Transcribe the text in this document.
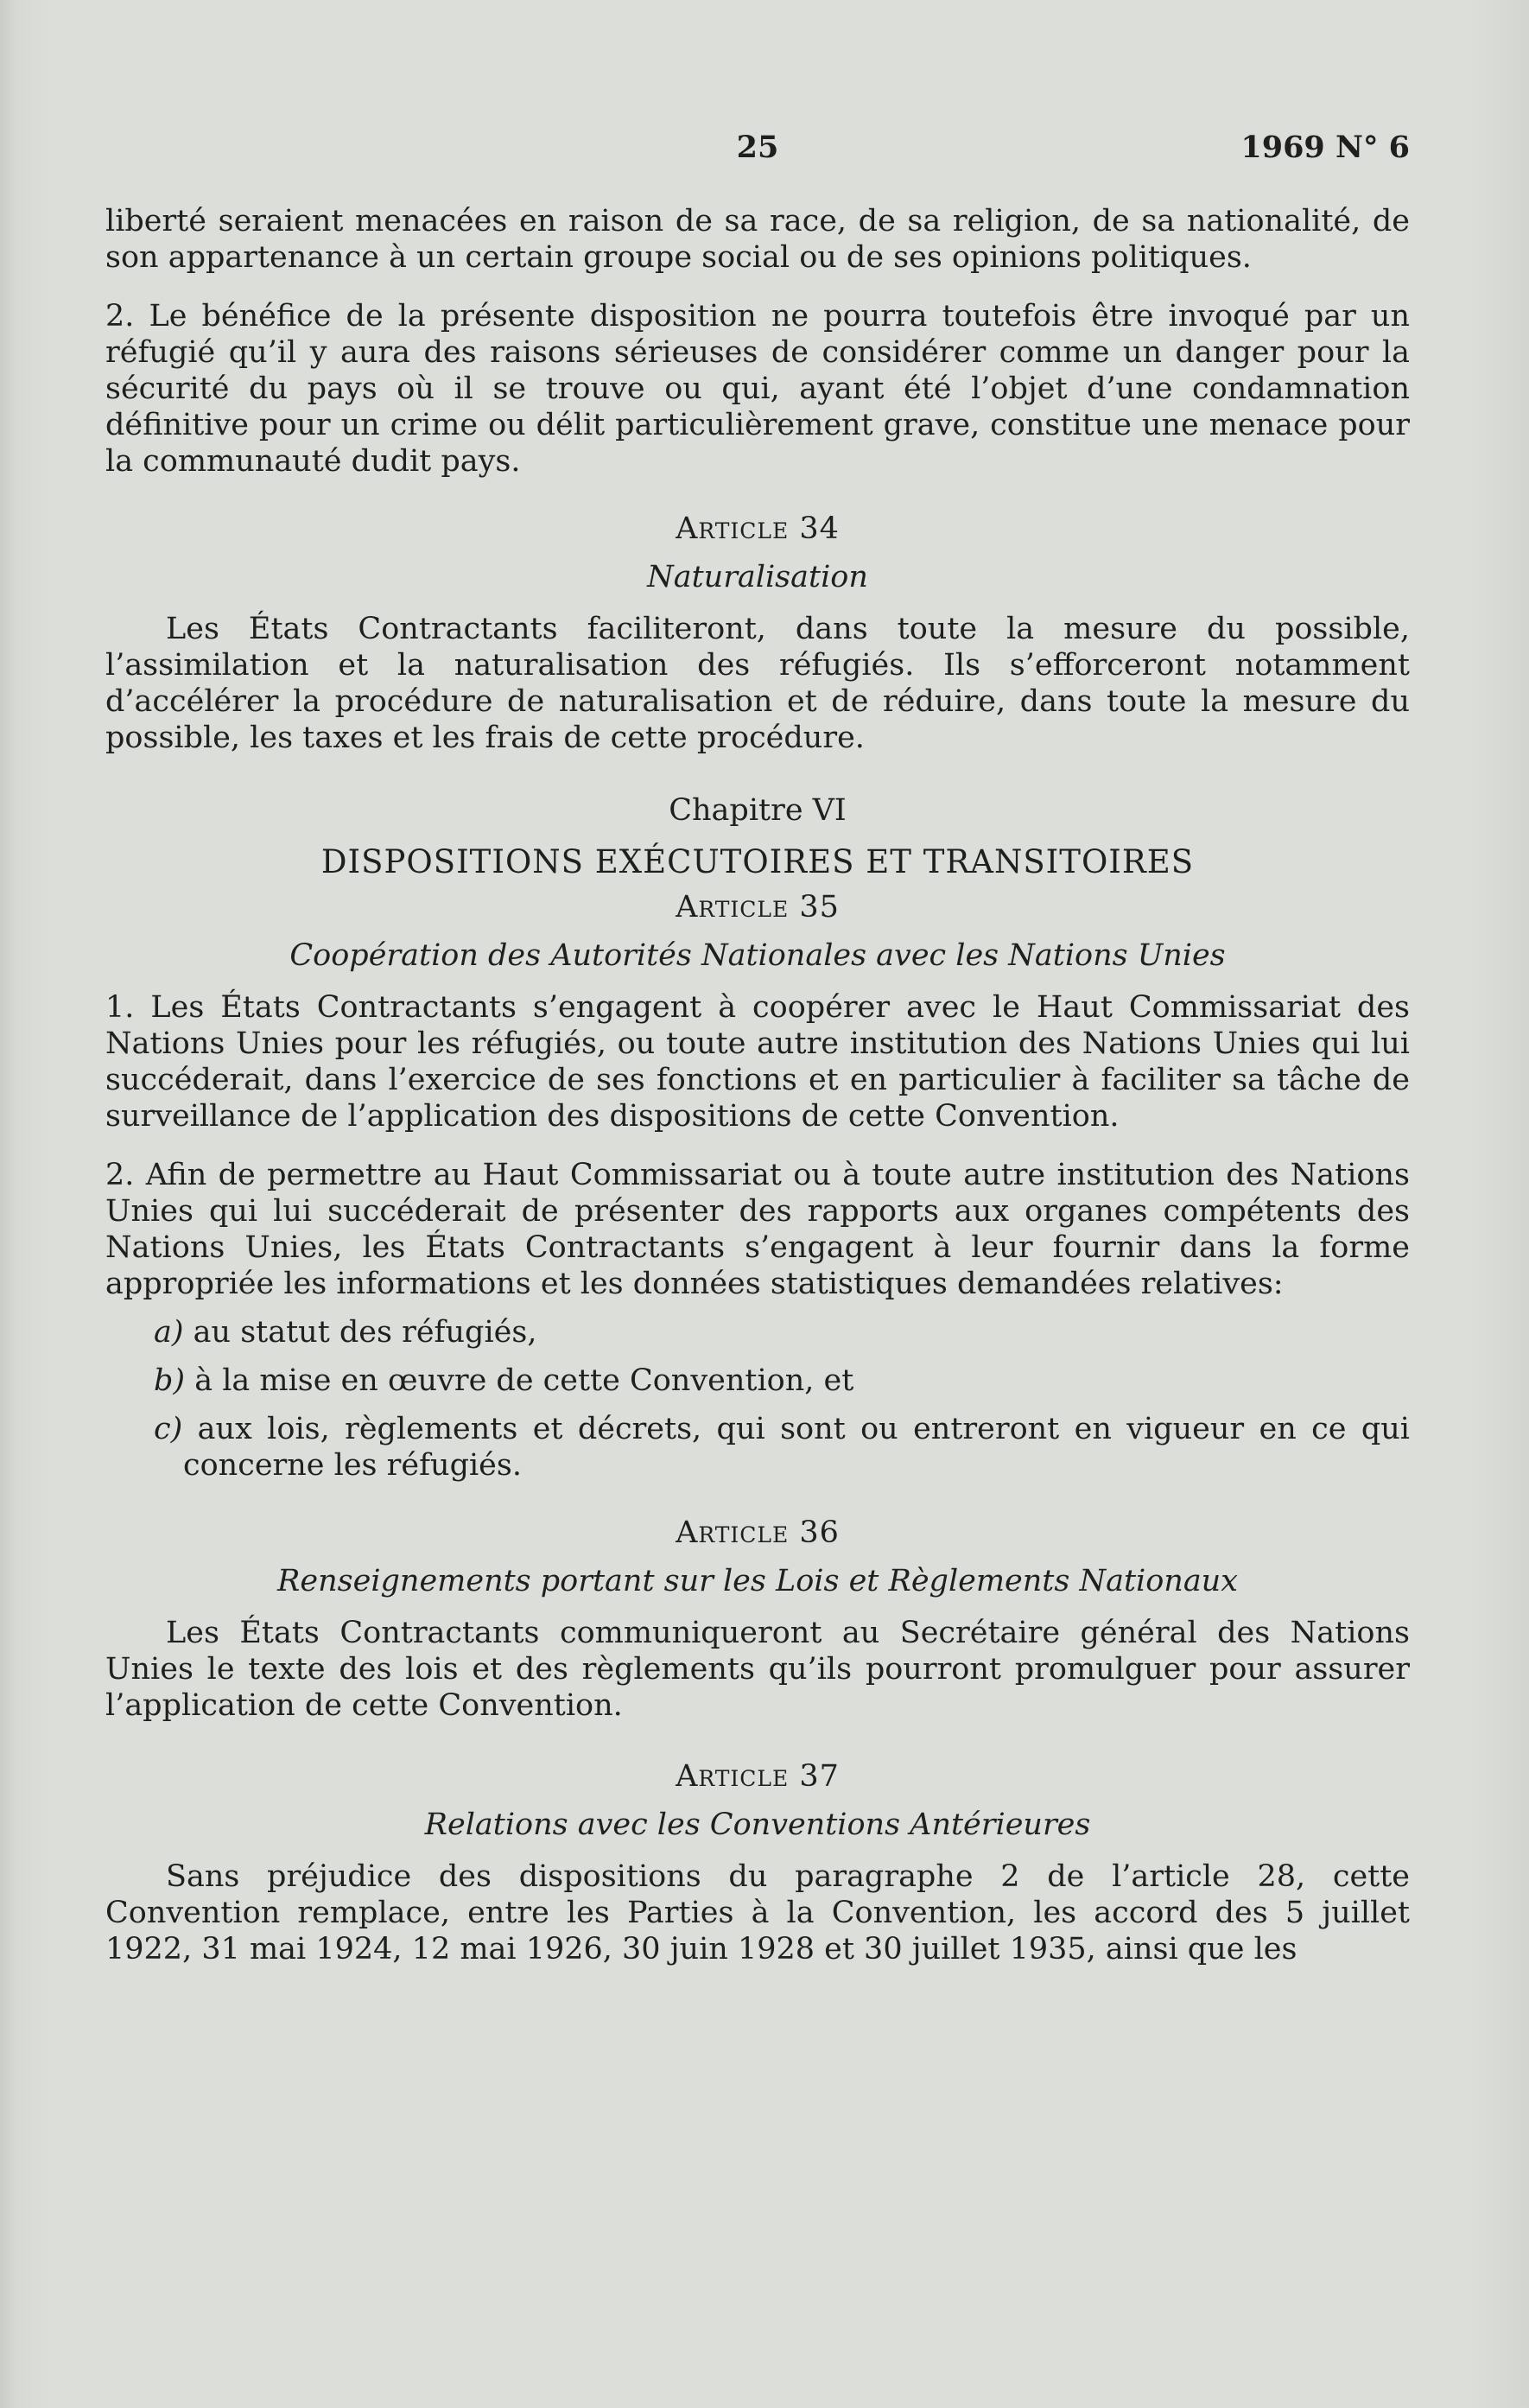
25	1969 N° 6

liberté seraient menacées en raison de sa race, de sa religion, de sa nationalité, de son appartenance à un certain groupe social ou de ses opinions politiques.

2. Le bénéfice de la présente disposition ne pourra toutefois être invoqué par un réfugié qu’il y aura des raisons sérieuses de considérer comme un danger pour la sécurité du pays où il se trouve ou qui, ayant été l’objet d’une condamnation définitive pour un crime ou délit particulièrement grave, constitue une menace pour la communauté dudit pays.

Article 34
Naturalisation

Les États Contractants faciliteront, dans toute la mesure du possible, l’assimilation et la naturalisation des réfugiés. Ils s’efforceront notamment d’accélérer la procédure de naturalisation et de réduire, dans toute la mesure du possible, les taxes et les frais de cette procédure.

Chapitre VI
DISPOSITIONS EXÉCUTOIRES ET TRANSITOIRES
Article 35
Coopération des Autorités Nationales avec les Nations Unies

1. Les États Contractants s’engagent à coopérer avec le Haut Commissariat des Nations Unies pour les réfugiés, ou toute autre institution des Nations Unies qui lui succéderait, dans l’exercice de ses fonctions et en particulier à faciliter sa tâche de surveillance de l’application des dispositions de cette Convention.

2. Afin de permettre au Haut Commissariat ou à toute autre institution des Nations Unies qui lui succéderait de présenter des rapports aux organes compétents des Nations Unies, les États Contractants s’engagent à leur fournir dans la forme appropriée les informations et les données statistiques demandées relatives:

a) au statut des réfugiés,

b) à la mise en œuvre de cette Convention, et

c) aux lois, règlements et décrets, qui sont ou entreront en vigueur en ce qui concerne les réfugiés.

Article 36
Renseignements portant sur les Lois et Règlements Nationaux

Les États Contractants communiqueront au Secrétaire général des Nations Unies le texte des lois et des règlements qu’ils pourront promulguer pour assurer l’application de cette Convention.

Article 37
Relations avec les Conventions Antérieures

Sans préjudice des dispositions du paragraphe 2 de l’article 28, cette Convention remplace, entre les Parties à la Convention, les accord des 5 juillet 1922, 31 mai 1924, 12 mai 1926, 30 juin 1928 et 30 juillet 1935, ainsi que les
